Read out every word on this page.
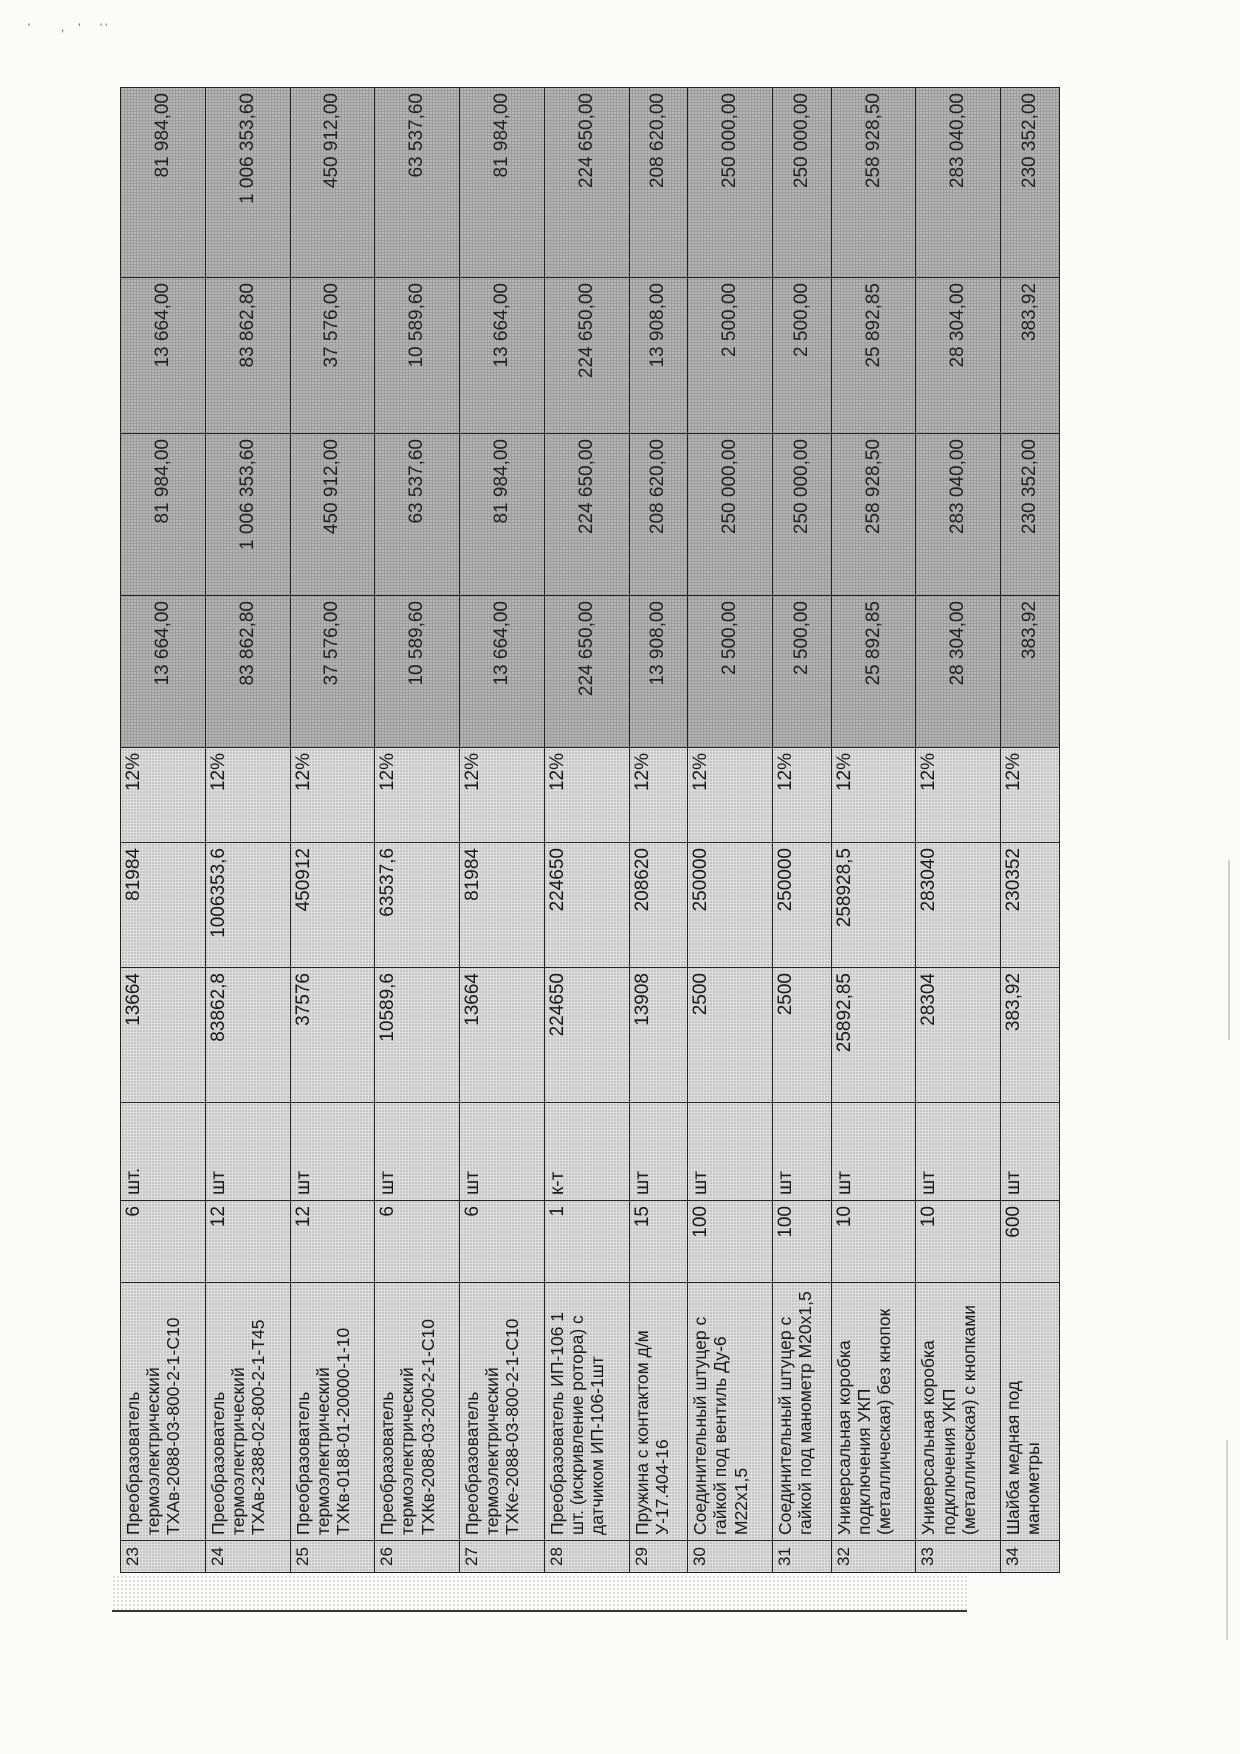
' ,' ' '
23	Преобразователь термоэлектрический ТХАв-2088-03-800-2-1-С10	6	шт.	13664	81984	12%	13 664,00	81 984,00	13 664,00	81 984,00
24	Преобразователь термоэлектрический ТХАв-2388-02-800-2-1-Т45	12	шт	83862,8	1006353,6	12%	83 862,80	1 006 353,60	83 862,80	1 006 353,60
25	Преобразователь термоэлектрический ТХКв-0188-01-20000-1-10	12	шт	37576	450912	12%	37 576,00	450 912,00	37 576,00	450 912,00
26	Преобразователь термоэлектрический ТХКв-2088-03-200-2-1-С10	6	шт	10589,6	63537,6	12%	10 589,60	63 537,60	10 589,60	63 537,60
27	Преобразователь термоэлектрический ТХКе-2088-03-800-2-1-С10	6	шт	13664	81984	12%	13 664,00	81 984,00	13 664,00	81 984,00
28	Преобразователь ИП-106 1 шт. (искривление ротора) с датчиком ИП-106-1шт	1	к-т	224650	224650	12%	224 650,00	224 650,00	224 650,00	224 650,00
29	Пружина с контактом д/м У-17.404-16	15	шт	13908	208620	12%	13 908,00	208 620,00	13 908,00	208 620,00
30	Соединительный штуцер с гайкой под вентиль Ду-6 М22х1,5	100	шт	2500	250000	12%	2 500,00	250 000,00	2 500,00	250 000,00
31	Соединительный штуцер с гайкой под манометр М20х1,5	100	шт	2500	250000	12%	2 500,00	250 000,00	2 500,00	250 000,00
32	Универсальная коробка подключения УКП (металлическая) без кнопок	10	шт	25892,85	258928,5	12%	25 892,85	258 928,50	25 892,85	258 928,50
33	Универсальная коробка подключения УКП (металлическая) с кнопками	10	шт	28304	283040	12%	28 304,00	283 040,00	28 304,00	283 040,00
34	Шайба медная под манометры	600	шт	383,92	230352	12%	383,92	230 352,00	383,92	230 352,00
